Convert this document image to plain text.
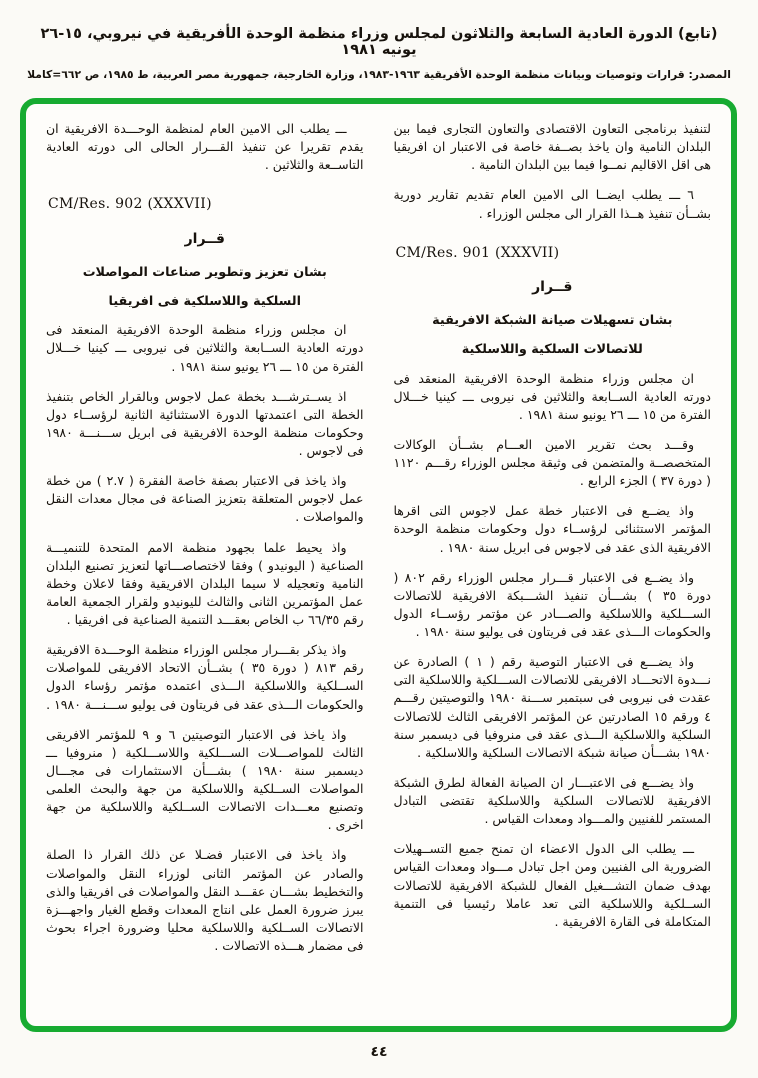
(تابع) الدورة العادية السابعة والثلاثون لمجلس وزراء منظمة الوحدة الأفريقية في نيروبي، ١٥‏-‏٢٦ يونيه ١٩٨١
المصدر: قرارات وتوصيات وبيانات منظمة الوحدة الأفريقية ١٩٦٣‏-‏١٩٨٣، وزارة الخارجية، جمهورية مصر العربية، ط ١٩٨٥، ص ٦٦٢=كاملا

لتنفيذ برنامجى التعاون الاقتصادى والتعاون التجارى فيما بين البلدان النامية وان ياخذ بصــفة خاصة فى الاعتبار ان افريقيا هى اقل الاقاليم نمــوا فيما بين البلدان النامية .

٦ ـــ يطلب ايضــا الى الامين العام تقديم تقارير دورية بشــأن تنفيذ هــذا القرار الى مجلس الوزراء .

CM/Res. 901 (XXXVII)
قــرار
بشان تسهيلات صيانة الشبكة الافريقية
للاتصالات السلكية واللاسلكية

ان مجلس وزراء منظمة الوحدة الافريقية المنعقد فى دورته العادية الســابعة والثلاثين فى نيروبى ـــ كينيا خـــلال الفترة من ١٥ ـــ ٢٦ يونيو سنة ١٩٨١ .

وقـــد بحث تقرير الامين العـــام بشــأن الوكالات المتخصصــة والمتضمن فى وثيقة مجلس الوزراء رقـــم ١١٢٠ ( دورة ٣٧ ) الجزء الرابع .

واذ يضــع فى الاعتبار خطة عمل لاجوس التى اقرها المؤتمر الاستثنائى لرؤســاء دول وحكومات منظمة الوحدة الافريقية الذى عقد فى لاجوس فى ابريل سنة ١٩٨٠ .

واذ يضــع فى الاعتبار قـــرار مجلس الوزراء رقم ٨٠٢ ( دورة ٣٥ ) بشـــأن تنفيذ الشـــبكة الافريقية للاتصالات الســـلكية واللاسلكية والصـــادر عن مؤتمر رؤســاء الدول والحكومات الـــذى عقد فى فريتاون فى يوليو سنة ١٩٨٠ .

واذ يضـــع فى الاعتبار التوصية رقم ( ١ ) الصادرة عن نـــدوة الاتحـــاد الافريقى للاتصالات الســـلكية واللاسلكية التى عقدت فى نيروبى فى سبتمبر ســـنة ١٩٨٠ والتوصيتين رقـــم ٤ ورقم ١٥ الصادرتين عن المؤتمر الافريقى الثالث للاتصالات السلكية واللاسلكية الـــذى عقد فى منروفيا فى ديسمبر سنة ١٩٨٠ بشـــأن صيانة شبكة الاتصالات السلكية واللاسلكية .

واذ يضـــع فى الاعتبـــار ان الصيانة الفعالة لطرق الشبكة الافريقية للاتصالات السلكية واللاسلكية تقتضى التبادل المستمر للفنيين والمـــواد ومعدات القياس .

ـــ يطلب الى الدول الاعضاء ان تمنح جميع التســهيلات الضرورية الى الفنيين ومن اجل تبادل مـــواد ومعدات القياس بهدف ضمان التشـــغيل الفعال للشبكة الافريقية للاتصالات الســلكية واللاسلكية التى تعد عاملا رئيسيا فى التنمية المتكاملة فى القارة الافريقية .

ـــ يطلب الى الامين العام لمنظمة الوحـــدة الافريقية ان يقدم تقريرا عن تنفيذ القـــرار الحالى الى دورته العادية التاســعة والثلاثين .

CM/Res. 902 (XXXVII)
قــرار
بشان تعزيز وتطوير صناعات المواصلات
السلكية واللاسلكية فى افريقيا

ان مجلس وزراء منظمة الوحدة الافريقية المنعقد فى دورته العادية الســابعة والثلاثين فى نيروبى ـــ كينيا خـــلال الفترة من ١٥ ـــ ٢٦ يونيو سنة ١٩٨١ .

اذ يســترشـــد بخطة عمل لاجوس وبالقرار الخاص بتنفيذ الخطة التى اعتمدتها الدورة الاستثنائية الثانية لرؤســاء دول وحكومات منظمة الوحدة الافريقية فى ابريل ســـنـــة ١٩٨٠ فى لاجوس .

واذ ياخذ فى الاعتبار بصفة خاصة الفقرة ( ٢.٧ ) من خطة عمل لاجوس المتعلقة بتعزيز الصناعة فى مجال معدات النقل والمواصلات .

واذ يحيط علما بجهود منظمة الامم المتحدة للتنميـــة الصناعية ( اليونيدو ) وفقا لاختصاصـــاتها لتعزيز تصنيع البلدان النامية وتعجيله لا سيما البلدان الافريقية وفقا لاعلان وخطة عمل المؤتمرين الثانى والثالث لليونيدو ولقرار الجمعية العامة رقم ٦٦/٣٥ ب الخاص بعقـــد التنمية الصناعية فى افريقيا .

واذ يذكر بقـــرار مجلس الوزراء منظمة الوحـــدة الافريقية رقم ٨١٣ ( دورة ٣٥ ) بشــأن الاتحاد الافريقى للمواصلات الســلكية واللاسلكية الـــذى اعتمده مؤتمر رؤساء الدول والحكومات الـــذى عقد فى فريتاون فى يوليو ســـنـــة ١٩٨٠ .

واذ ياخذ فى الاعتبار التوصيتين ٦ و ٩ للمؤتمر الافريقى الثالث للمواصـــلات الســـلكية واللاســـلكية ( منروفيا ـــ ديسمبر سنة ١٩٨٠ ) بشـــأن الاستثمارات فى مجـــال المواصلات الســلكية واللاسلكية من جهة والبحث العلمى وتصنيع معـــدات الاتصالات الســلكية واللاسلكية من جهة اخرى .

واذ ياخذ فى الاعتبار فضـلا عن ذلك القرار ذا الصلة والصادر عن المؤتمر الثانى لوزراء النقل والمواصلات والتخطيط بشـــان عقـــد النقل والمواصلات فى افريقيا والذى يبرز ضرورة العمل على انتاج المعدات وقطع الغيار واجهـــزة الاتصالات الســلكية واللاسلكية محليا وضرورة اجراء بحوث فى مضمار هـــذه الاتصالات .

٤٤
